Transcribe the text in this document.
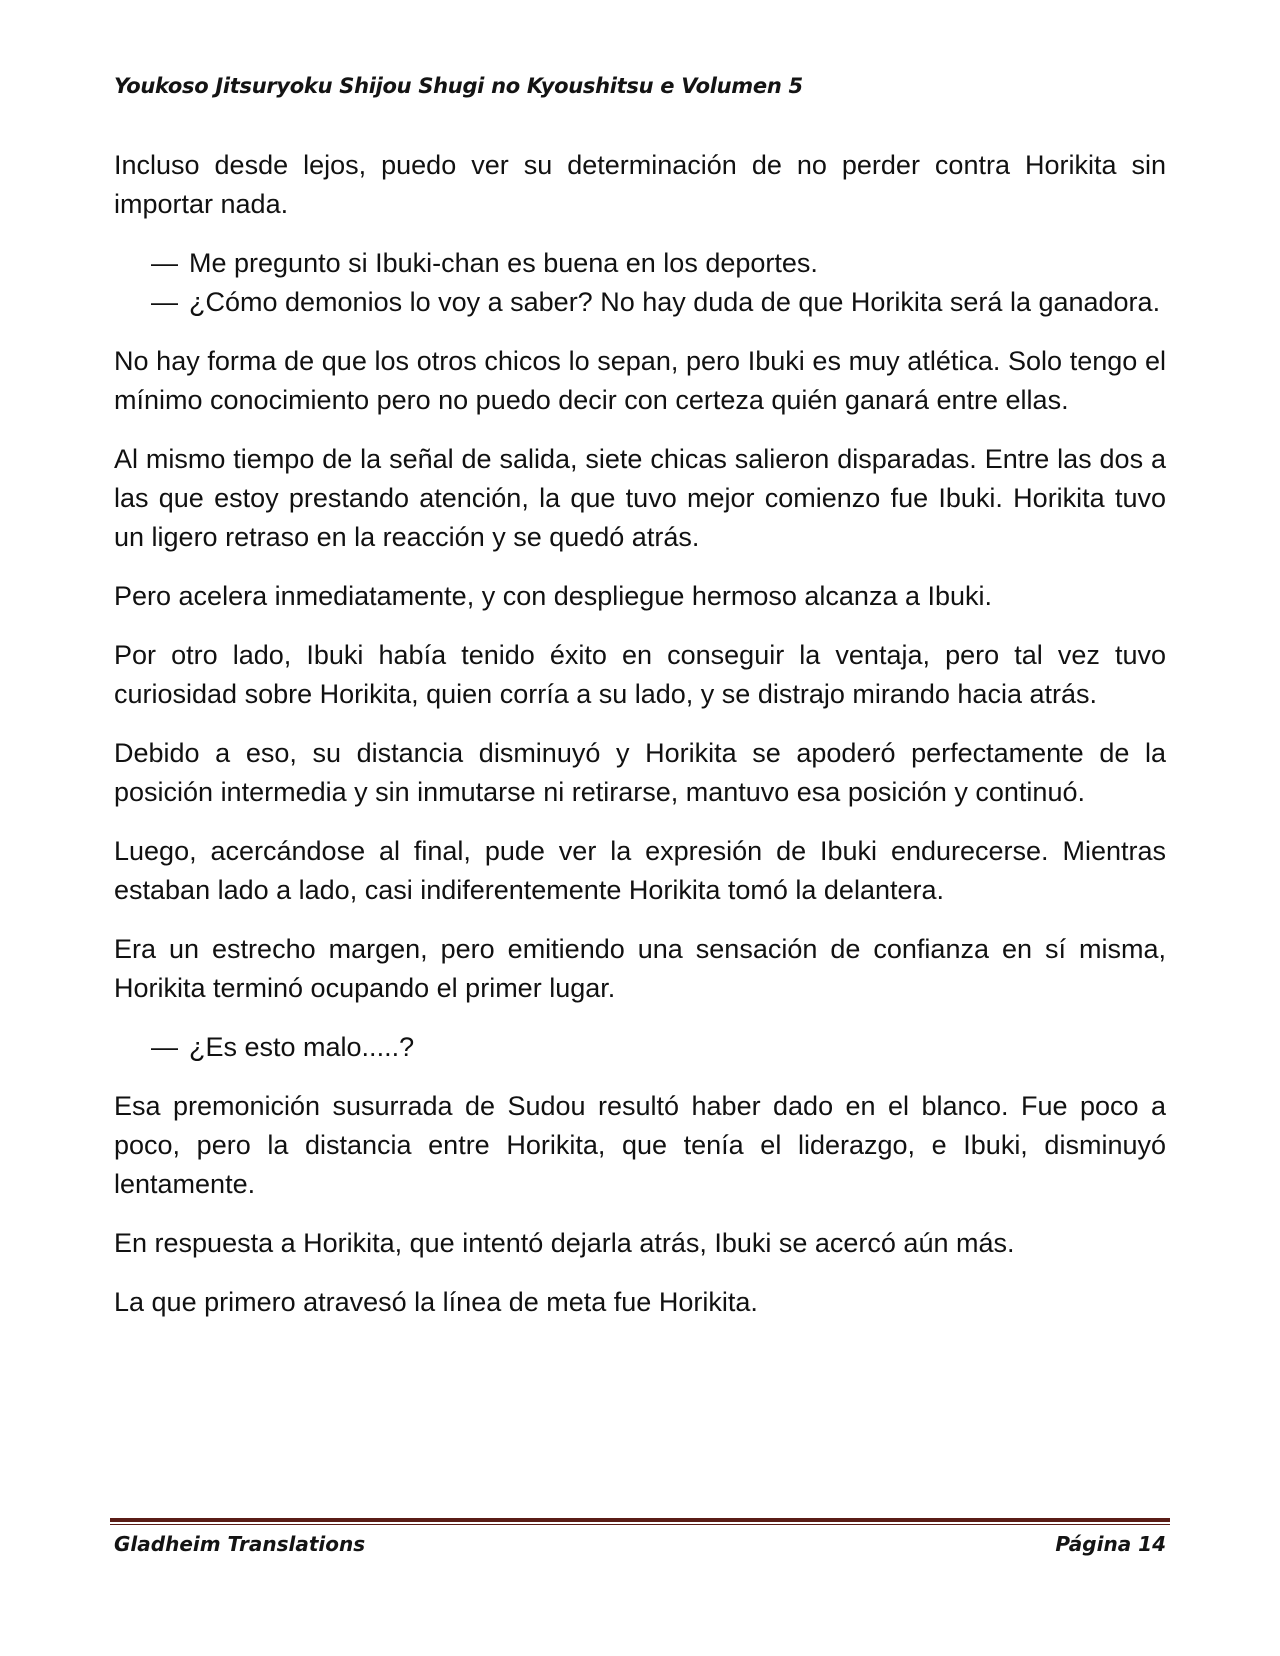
Youkoso Jitsuryoku Shijou Shugi no Kyoushitsu e Volumen 5

Incluso desde lejos, puedo ver su determinación de no perder contra Horikita sin importar nada.

— Me pregunto si Ibuki-chan es buena en los deportes.

— ¿Cómo demonios lo voy a saber? No hay duda de que Horikita será la ganadora.

No hay forma de que los otros chicos lo sepan, pero Ibuki es muy atlética. Solo tengo el mínimo conocimiento pero no puedo decir con certeza quién ganará entre ellas.

Al mismo tiempo de la señal de salida, siete chicas salieron disparadas. Entre las dos a las que estoy prestando atención, la que tuvo mejor comienzo fue Ibuki. Horikita tuvo un ligero retraso en la reacción y se quedó atrás.

Pero acelera inmediatamente, y con despliegue hermoso alcanza a Ibuki.

Por otro lado, Ibuki había tenido éxito en conseguir la ventaja, pero tal vez tuvo curiosidad sobre Horikita, quien corría a su lado, y se distrajo mirando hacia atrás.

Debido a eso, su distancia disminuyó y Horikita se apoderó perfectamente de la posición intermedia y sin inmutarse ni retirarse, mantuvo esa posición y continuó.

Luego, acercándose al final, pude ver la expresión de Ibuki endurecerse. Mientras estaban lado a lado, casi indiferentemente Horikita tomó la delantera.

Era un estrecho margen, pero emitiendo una sensación de confianza en sí misma, Horikita terminó ocupando el primer lugar.

— ¿Es esto malo.....?

Esa premonición susurrada de Sudou resultó haber dado en el blanco. Fue poco a poco, pero la distancia entre Horikita, que tenía el liderazgo, e Ibuki, disminuyó lentamente.

En respuesta a Horikita, que intentó dejarla atrás, Ibuki se acercó aún más.

La que primero atravesó la línea de meta fue Horikita.

Gladheim Translations	Página 14
